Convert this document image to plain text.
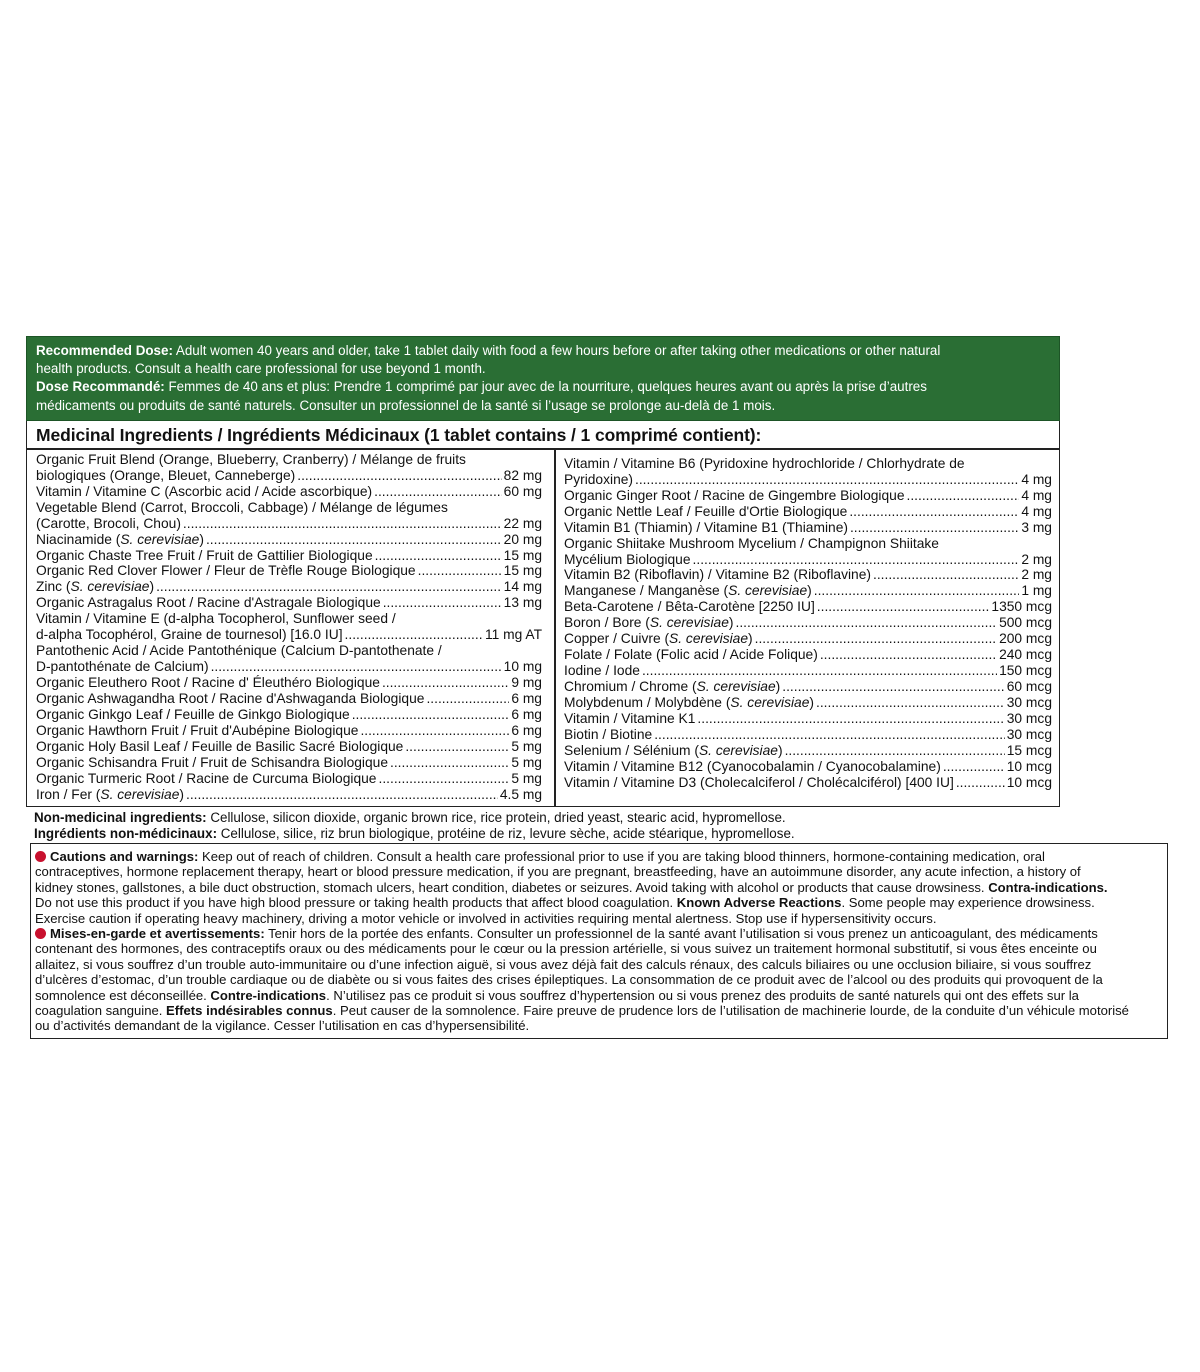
Recommended Dose: Adult women 40 years and older, take 1 tablet daily with food a few hours before or after taking other medications or other natural
health products. Consult a health care professional for use beyond 1 month.
Dose Recommandé: Femmes de 40 ans et plus: Prendre 1 comprimé par jour avec de la nourriture, quelques heures avant ou après la prise d’autres
médicaments ou produits de santé naturels. Consulter un professionnel de la santé si l’usage se prolonge au-delà de 1 mois.
Medicinal Ingredients / Ingrédients Médicinaux (1 tablet contains / 1 comprimé contient):
Organic Fruit Blend (Orange, Blueberry, Cranberry) / Mélange de fruits
biologiques (Orange, Bleuet, Canneberge) .....	82 mg
Vitamin / Vitamine C (Ascorbic acid / Acide ascorbique) .....	60 mg
Vegetable Blend (Carrot, Broccoli, Cabbage) / Mélange de légumes
(Carotte, Brocoli, Chou) .....	22 mg
Niacinamide (S. cerevisiae) .....	20 mg
Organic Chaste Tree Fruit / Fruit de Gattilier Biologique .....	15 mg
Organic Red Clover Flower / Fleur de Trèfle Rouge Biologique .....	15 mg
Zinc (S. cerevisiae) .....	14 mg
Organic Astragalus Root / Racine d'Astragale Biologique .....	13 mg
Vitamin / Vitamine E (d-alpha Tocopherol, Sunflower seed /
d-alpha Tocophérol, Graine de tournesol) [16.0 IU] .....	11 mg AT
Pantothenic Acid / Acide Pantothénique (Calcium D-pantothenate /
D-pantothénate de Calcium) .....	10 mg
Organic Eleuthero Root / Racine d' Éleuthéro Biologique .....	9 mg
Organic Ashwagandha Root / Racine d'Ashwaganda Biologique .....	6 mg
Organic Ginkgo Leaf / Feuille de Ginkgo Biologique .....	6 mg
Organic Hawthorn Fruit / Fruit d'Aubépine Biologique .....	6 mg
Organic Holy Basil Leaf / Feuille de Basilic Sacré Biologique .....	5 mg
Organic Schisandra Fruit / Fruit de Schisandra Biologique .....	5 mg
Organic Turmeric Root / Racine de Curcuma Biologique .....	5 mg
Iron / Fer (S. cerevisiae) .....	4.5 mg
Vitamin / Vitamine B6 (Pyridoxine hydrochloride / Chlorhydrate de
Pyridoxine) .....	4 mg
Organic Ginger Root / Racine de Gingembre Biologique .....	4 mg
Organic Nettle Leaf / Feuille d'Ortie Biologique .....	4 mg
Vitamin B1 (Thiamin) / Vitamine B1 (Thiamine) .....	3 mg
Organic Shiitake Mushroom Mycelium / Champignon Shiitake
Mycélium Biologique .....	2 mg
Vitamin B2 (Riboflavin) / Vitamine B2 (Riboflavine) .....	2 mg
Manganese / Manganèse (S. cerevisiae) .....	1 mg
Beta-Carotene / Bêta-Carotène [2250 IU] .....	1350 mcg
Boron / Bore (S. cerevisiae) .....	500 mcg
Copper / Cuivre (S. cerevisiae) .....	200 mcg
Folate / Folate (Folic acid / Acide Folique) .....	240 mcg
Iodine / Iode .....	150 mcg
Chromium / Chrome (S. cerevisiae) .....	60 mcg
Molybdenum / Molybdène (S. cerevisiae) .....	30 mcg
Vitamin / Vitamine K1 .....	30 mcg
Biotin / Biotine .....	30 mcg
Selenium / Sélénium (S. cerevisiae) .....	15 mcg
Vitamin / Vitamine B12 (Cyanocobalamin / Cyanocobalamine) .....	10 mcg
Vitamin / Vitamine D3 (Cholecalciferol / Cholécalciférol) [400 IU] .....	10 mcg
Non-medicinal ingredients: Cellulose, silicon dioxide, organic brown rice, rice protein, dried yeast, stearic acid, hypromellose.
Ingrédients non-médicinaux: Cellulose, silice, riz brun biologique, protéine de riz, levure sèche, acide stéarique, hypromellose.
Cautions and warnings: Keep out of reach of children. Consult a health care professional prior to use if you are taking blood thinners, hormone-containing medication, oral
contraceptives, hormone replacement therapy, heart or blood pressure medication, if you are pregnant, breastfeeding, have an autoimmune disorder, any acute infection, a history of
kidney stones, gallstones, a bile duct obstruction, stomach ulcers, heart condition, diabetes or seizures. Avoid taking with alcohol or products that cause drowsiness. Contra-indications.
Do not use this product if you have high blood pressure or taking health products that affect blood coagulation. Known Adverse Reactions. Some people may experience drowsiness.
Exercise caution if operating heavy machinery, driving a motor vehicle or involved in activities requiring mental alertness. Stop use if hypersensitivity occurs.
Mises-en-garde et avertissements: Tenir hors de la portée des enfants. Consulter un professionnel de la santé avant l’utilisation si vous prenez un anticoagulant, des médicaments
contenant des hormones, des contraceptifs oraux ou des médicaments pour le cœur ou la pression artérielle, si vous suivez un traitement hormonal substitutif, si vous êtes enceinte ou
allaitez, si vous souffrez d’un trouble auto-immunitaire ou d’une infection aiguë, si vous avez déjà fait des calculs rénaux, des calculs biliaires ou une occlusion biliaire, si vous souffrez
d’ulcères d’estomac, d’un trouble cardiaque ou de diabète ou si vous faites des crises épileptiques. La consommation de ce produit avec de l’alcool ou des produits qui provoquent de la
somnolence est déconseillée. Contre-indications. N’utilisez pas ce produit si vous souffrez d’hypertension ou si vous prenez des produits de santé naturels qui ont des effets sur la
coagulation sanguine. Effets indésirables connus. Peut causer de la somnolence. Faire preuve de prudence lors de l’utilisation de machinerie lourde, de la conduite d’un véhicule motorisé
ou d’activités demandant de la vigilance. Cesser l’utilisation en cas d’hypersensibilité.
